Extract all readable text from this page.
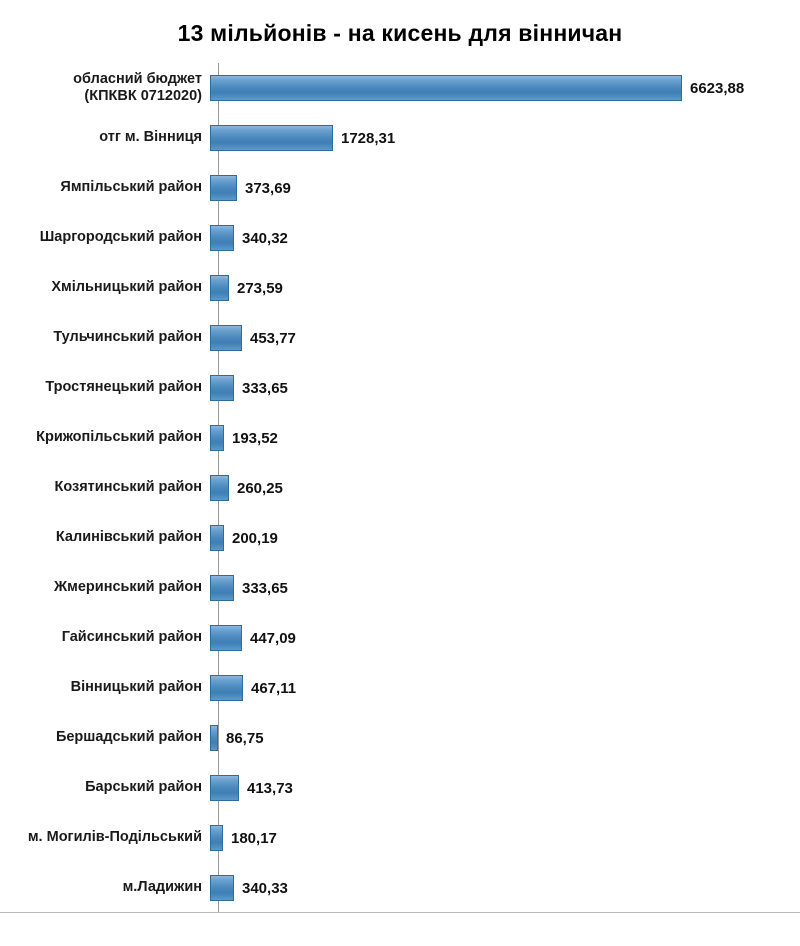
13 мільйонів - на кисень для вінничан
обласний бюджет
(КПКВК 0712020)	6623,88
отг м. Вінниця	1728,31
Ямпільський район	373,69
Шаргородський район	340,32
Хмільницький район	273,59
Тульчинський район	453,77
Тростянецький район	333,65
Крижопільський район	193,52
Козятинський район	260,25
Калинівський район	200,19
Жмеринський район	333,65
Гайсинський район	447,09
Вінницький район	467,11
Бершадський район	86,75
Барський район	413,73
м. Могилів-Подільський	180,17
м.Ладижин	340,33
